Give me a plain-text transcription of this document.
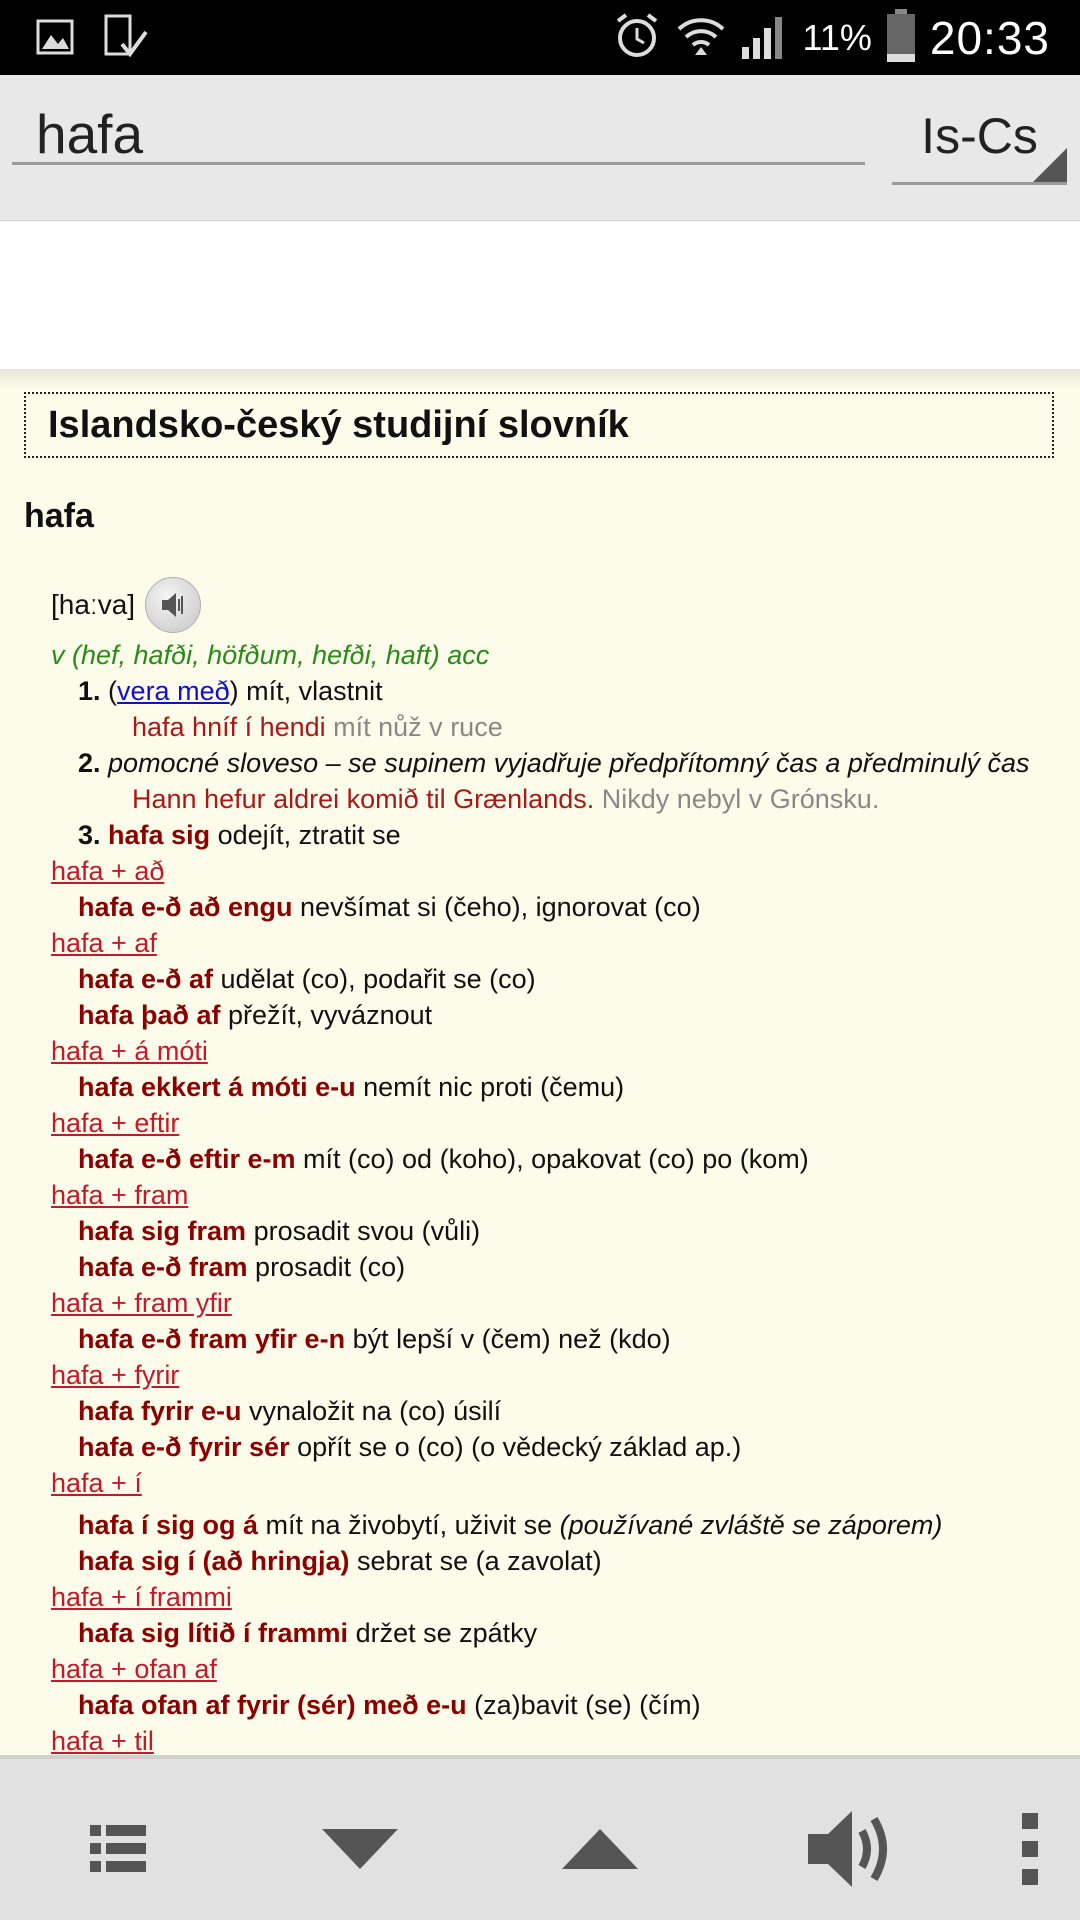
11% 20:33
hafa
Is-Cs
Islandsko-český studijní slovník
hafa
[haːva]
v (hef, hafði, höfðum, hefði, haft) acc
1. (vera með) mít, vlastnit
hafa hníf í hendi mít nůž v ruce
2. pomocné sloveso – se supinem vyjadřuje předpřítomný čas a předminulý čas
Hann hefur aldrei komið til Grænlands. Nikdy nebyl v Grónsku.
3. hafa sig odejít, ztratit se
hafa + að
hafa e-ð að engu nevšímat si (čeho), ignorovat (co)
hafa + af
hafa e-ð af udělat (co), podařit se (co)
hafa það af přežít, vyváznout
hafa + á móti
hafa ekkert á móti e-u nemít nic proti (čemu)
hafa + eftir
hafa e-ð eftir e-m mít (co) od (koho), opakovat (co) po (kom)
hafa + fram
hafa sig fram prosadit svou (vůli)
hafa e-ð fram prosadit (co)
hafa + fram yfir
hafa e-ð fram yfir e-n být lepší v (čem) než (kdo)
hafa + fyrir
hafa fyrir e-u vynaložit na (co) úsilí
hafa e-ð fyrir sér opřít se o (co) (o vědecký základ ap.)
hafa + í
hafa í sig og á mít na živobytí, uživit se (používané zvláště se záporem)
hafa sig í (að hringja) sebrat se (a zavolat)
hafa + í frammi
hafa sig lítið í frammi držet se zpátky
hafa + ofan af
hafa ofan af fyrir (sér) með e-u (za)bavit (se) (čím)
hafa + til
